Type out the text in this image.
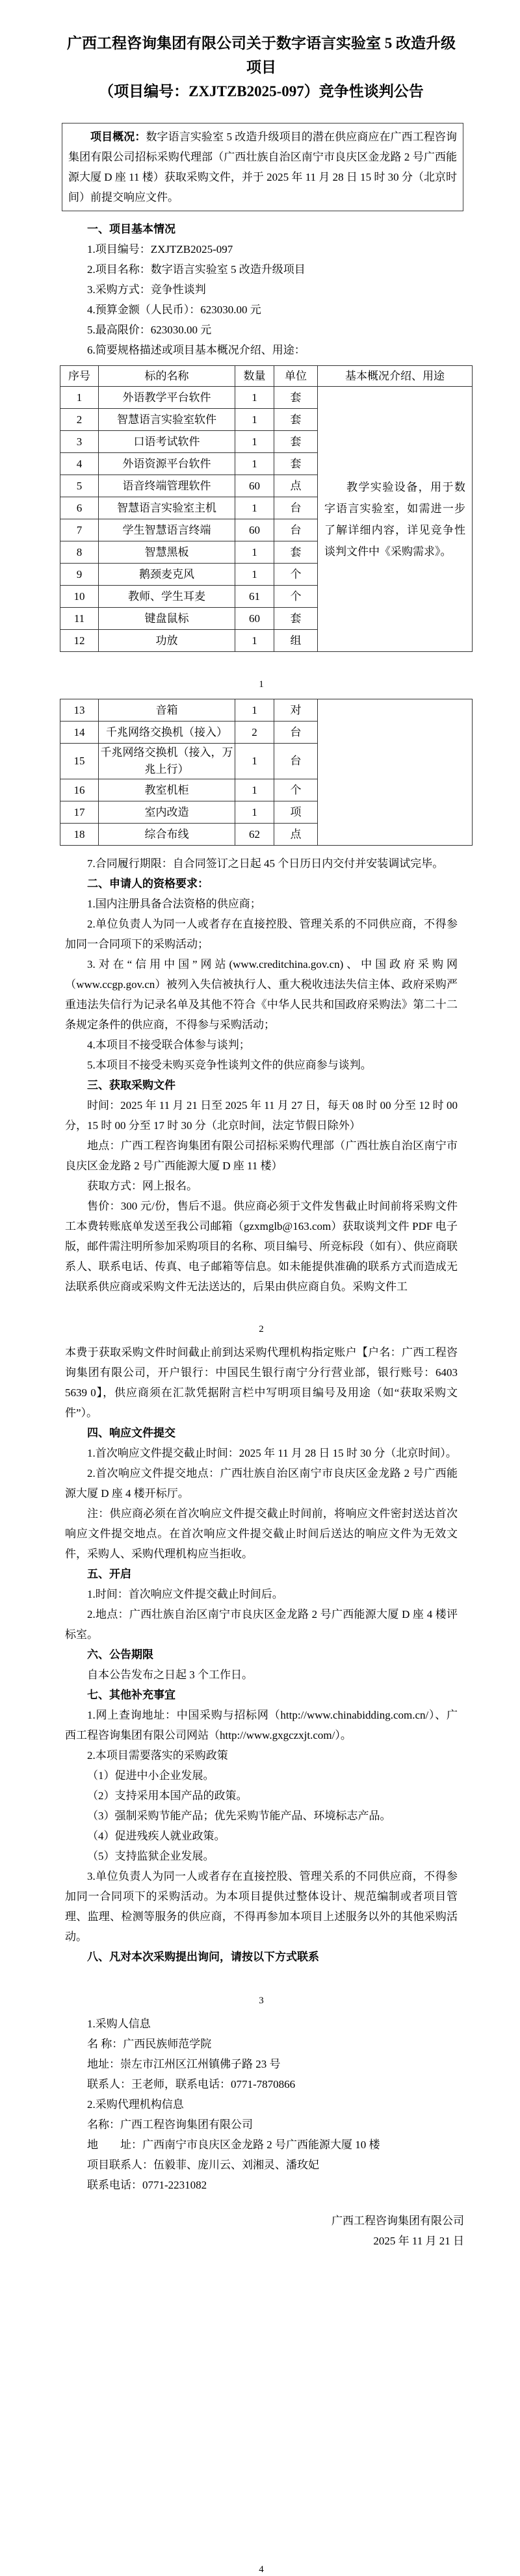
广西工程咨询集团有限公司关于数字语言实验室 5 改造升级项目
（项目编号：ZXJTZB2025-097）竞争性谈判公告

项目概况：数字语言实验室 5 改造升级项目的潜在供应商应在广西工程咨询集团有限公司招标采购代理部（广西壮族自治区南宁市良庆区金龙路 2 号广西能源大厦 D 座 11 楼）获取采购文件，并于 2025 年 11 月 28 日 15 时 30 分（北京时间）前提交响应文件。

一、项目基本情况

1.项目编号：ZXJTZB2025-097

2.项目名称：数字语言实验室 5 改造升级项目

3.采购方式：竞争性谈判

4.预算金额（人民币）：623030.00 元

5.最高限价：623030.00 元

6.简要规格描述或项目基本概况介绍、用途：

序号	标的名称	数量	单位	基本概况介绍、用途
1	外语教学平台软件	1	套	教学实验设备，用于数字语言实验室，如需进一步了解详细内容，详见竞争性谈判文件中《采购需求》。

2	智慧语言实验室软件	1	套	
3	口语考试软件	1	套	
4	外语资源平台软件	1	套	
5	语音终端管理软件	60	点	
6	智慧语言实验室主机	1	台	
7	学生智慧语言终端	60	台	
8	智慧黑板	1	套	
9	鹅颈麦克风	1	个	
10	教师、学生耳麦	61	个	
11	键盘鼠标	60	套	
12	功放	1	组	
1
13	音箱	1	对	
14	千兆网络交换机（接入）	2	台	
15	千兆网络交换机（接入，万兆上行）	1	台	
16	教室机柜	1	个	
17	室内改造	1	项	
18	综合布线	62	点	

7.合同履行期限：自合同签订之日起 45 个日历日内交付并安装调试完毕。

二、申请人的资格要求：

1.国内注册具备合法资格的供应商；

2.单位负责人为同一人或者存在直接控股、管理关系的不同供应商，不得参加同一合同项下的采购活动；

3.对在“信用中国”网站(www.creditchina.gov.cn)、中国政府采购网（www.ccgp.gov.cn）被列入失信被执行人、重大税收违法失信主体、政府采购严重违法失信行为记录名单及其他不符合《中华人民共和国政府采购法》第二十二条规定条件的供应商，不得参与采购活动；

4.本项目不接受联合体参与谈判；

5.本项目不接受未购买竞争性谈判文件的供应商参与谈判。

三、获取采购文件

时间：2025 年 11 月 21 日至 2025 年 11 月 27 日，每天 08 时 00 分至 12 时 00 分，15 时 00 分至 17 时 30 分（北京时间，法定节假日除外）

地点：广西工程咨询集团有限公司招标采购代理部（广西壮族自治区南宁市良庆区金龙路 2 号广西能源大厦 D 座 11 楼）

获取方式：网上报名。

售价：300 元/份，售后不退。供应商必须于文件发售截止时间前将采购文件工本费转账底单发送至我公司邮箱（gzxmglb@163.com）获取谈判文件 PDF 电子版，邮件需注明所参加采购项目的名称、项目编号、所竞标段（如有）、供应商联系人、联系电话、传真、电子邮箱等信息。如未能提供准确的联系方式而造成无法联系供应商或采购文件无法送达的，后果由供应商自负。采购文件工

2

本费于获取采购文件时间截止前到达采购代理机构指定账户【户名：广西工程咨询集团有限公司，开户银行：中国民生银行南宁分行营业部，银行账号：6403 5639 0】，供应商须在汇款凭据附言栏中写明项目编号及用途（如“获取采购文件”）。

四、响应文件提交

1.首次响应文件提交截止时间：2025 年 11 月 28 日 15 时 30 分（北京时间）。

2.首次响应文件提交地点：广西壮族自治区南宁市良庆区金龙路 2 号广西能源大厦 D 座 4 楼开标厅。

注：供应商必须在首次响应文件提交截止时间前，将响应文件密封送达首次响应文件提交地点。在首次响应文件提交截止时间后送达的响应文件为无效文件，采购人、采购代理机构应当拒收。

五、开启

1.时间：首次响应文件提交截止时间后。

2.地点：广西壮族自治区南宁市良庆区金龙路 2 号广西能源大厦 D 座 4 楼评标室。

六、公告期限

自本公告发布之日起 3 个工作日。

七、其他补充事宜

1.网上查询地址：中国采购与招标网（http://www.chinabidding.com.cn/）、广西工程咨询集团有限公司网站（http://www.gxgczxjt.com/）。

2.本项目需要落实的采购政策

（1）促进中小企业发展。

（2）支持采用本国产品的政策。

（3）强制采购节能产品；优先采购节能产品、环境标志产品。

（4）促进残疾人就业政策。

（5）支持监狱企业发展。

3.单位负责人为同一人或者存在直接控股、管理关系的不同供应商，不得参加同一合同项下的采购活动。为本项目提供过整体设计、规范编制或者项目管理、监理、检测等服务的供应商，不得再参加本项目上述服务以外的其他采购活动。

八、凡对本次采购提出询问，请按以下方式联系

3

1.采购人信息

名 称：广西民族师范学院

地址：崇左市江州区江州镇佛子路 23 号

联系人：王老师，联系电话：0771-7870866

2.采购代理机构信息

名称：广西工程咨询集团有限公司

地　　址：广西南宁市良庆区金龙路 2 号广西能源大厦 10 楼

项目联系人：伍毅菲、庞川云、刘湘灵、潘玫妃

联系电话：0771-2231082

广西工程咨询集团有限公司

2025 年 11 月 21 日

4
